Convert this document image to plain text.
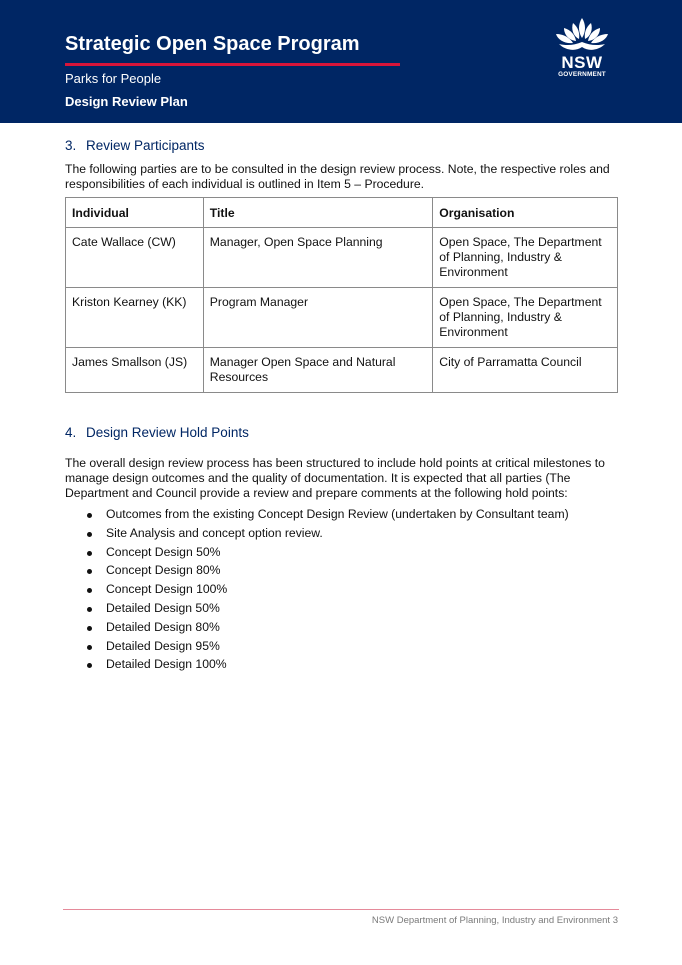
Strategic Open Space Program
Parks for People
Design Review Plan
NSW
GOVERNMENT
3. Review Participants

The following parties are to be consulted in the design review process. Note, the respective roles and responsibilities of each individual is outlined in Item 5 – Procedure.

Individual	Title	Organisation
Cate Wallace (CW)	Manager, Open Space Planning	Open Space, The Department of Planning, Industry & Environment
Kriston Kearney (KK)	Program Manager	Open Space, The Department of Planning, Industry & Environment
James Smallson (JS)	Manager Open Space and Natural Resources	City of Parramatta Council
4. Design Review Hold Points

The overall design review process has been structured to include hold points at critical milestones to manage design outcomes and the quality of documentation. It is expected that all parties (The Department and Council provide a review and prepare comments at the following hold points:

Outcomes from the existing Concept Design Review (undertaken by Consultant team)
Site Analysis and concept option review.
Concept Design 50%
Concept Design 80%
Concept Design 100%
Detailed Design 50%
Detailed Design 80%
Detailed Design 95%
Detailed Design 100%
NSW Department of Planning, Industry and Environment 3
